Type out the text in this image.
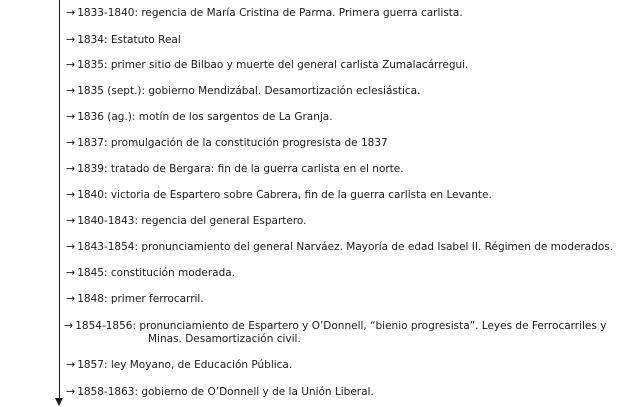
→ 1833-1840: regencia de María Cristina de Parma. Primera guerra carlista.
→ 1834: Estatuto Real
→ 1835: primer sitio de Bilbao y muerte del general carlista Zumalacárregui.
→ 1835 (sept.): gobierno Mendizábal. Desamortización eclesiástica.
→ 1836 (ag.): motín de los sargentos de La Granja.
→ 1837: promulgación de la constitución progresista de 1837
→ 1839: tratado de Bergara: fin de la guerra carlista en el norte.
→ 1840: victoria de Espartero sobre Cabrera, fin de la guerra carlista en Levante.
→ 1840-1843: regencia del general Espartero.
→ 1843-1854: pronunciamiento del general Narváez. Mayoría de edad Isabel II. Régimen de moderados.
→ 1845: constitución moderada.
→ 1848: primer ferrocarril.
→ 1854-1856: pronunciamiento de Espartero y O’Donnell, “bienio progresista”. Leyes de Ferrocarriles y
Minas. Desamortización civil.
→ 1857: ley Moyano, de Educación Pública.
→ 1858-1863: gobierno de O’Donnell y de la Unión Liberal.
